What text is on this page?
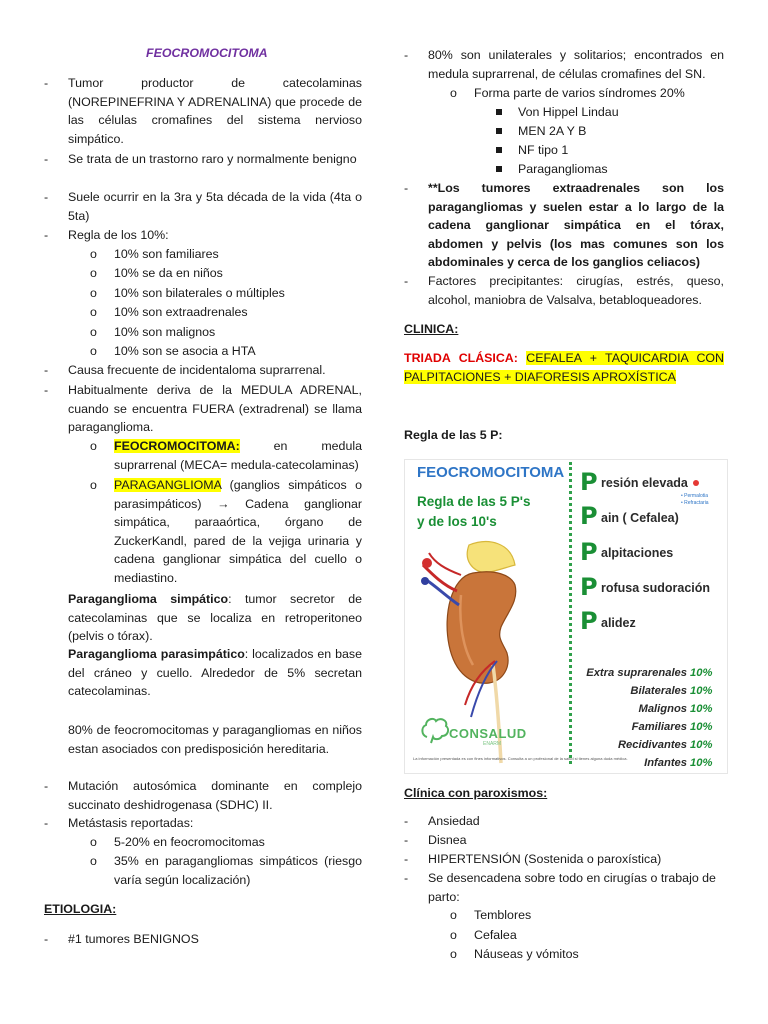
FEOCROMOCITOMA
- Tumor productor de catecolaminas (NOREPINEFRINA Y ADRENALINA) que procede de las células cromafines del sistema nervioso simpático.
- Se trata de un trastorno raro y normalmente benigno
- Suele ocurrir en la 3ra y 5ta década de la vida (4ta o 5ta)
- Regla de los 10%:
o 10% son familiares
o 10% se da en niños
o 10% son bilaterales o múltiples
o 10% son extraadrenales
o 10% son malignos
o 10% son se asocia a HTA
- Causa frecuente de incidentaloma suprarrenal.
- Habitualmente deriva de la MEDULA ADRENAL, cuando se encuentra FUERA (extradrenal) se llama paraganglioma.
o FEOCROMOCITOMA:	en medula suprarrenal (MECA= medula-catecolaminas)
o PARAGANGLIOMA (ganglios simpáticos o parasimpáticos) → Cadena ganglionar simpática, paraaórtica, órgano de ZuckerKandl, pared de la vejiga urinaria y cadena ganglionar simpática del cuello o mediastino.
Paraganglioma simpático: tumor secretor de catecolaminas que se localiza en retroperitoneo (pelvis o tórax).
Paraganglioma parasimpático: localizados en base del cráneo y cuello. Alrededor de 5% secretan catecolaminas.
80% de feocromocitomas y paragangliomas en niños estan asociados con predisposición hereditaria.
- Mutación autosómica dominante en complejo succinato deshidrogenasa (SDHC) II.
- Metástasis reportadas:
o 5-20% en feocromocitomas
o 35% en paragangliomas simpáticos (riesgo varía según localización)
ETIOLOGIA:
- #1 tumores BENIGNOS
- 80% son unilaterales y solitarios; encontrados en medula suprarrenal, de células cromafines del SN.
o Forma parte de varios síndromes 20%
Von Hippel Lindau
MEN 2A Y B
NF tipo 1
Paragangliomas
- **Los tumores extraadrenales son los paragangliomas y suelen estar a lo largo de la cadena ganglionar simpática en el tórax, abdomen y pelvis (los mas comunes son los abdominales y cerca de los ganglios celiacos)
- Factores precipitantes: cirugías, estrés, queso, alcohol, maniobra de Valsalva, betabloqueadores.
CLINICA:
TRIADA CLÁSICA: CEFALEA + TAQUICARDIA CON
PALPITACIONES + DIAFORESIS APROXÍSTICA
Regla de las 5 P:
Clínica con paroxismos:
- Ansiedad
- Disnea
- HIPERTENSIÓN (Sostenida o paroxística)
- Se desencadena sobre todo en cirugías o trabajo de parto:
o Temblores
o Cefalea
o Náuseas y vómitos
FEOCROMOCITOMA
Regla de las 5 P's
y de los 10's
P resión elevada
• Permalotia
• Refractaria
P ain ( Cefalea)
P alpitaciones
P rofusa sudoración
P alidez
Extra suprarenales 10%
Bilaterales 10%
Malignos 10%
Familiares 10%
Recidivantes 10%
Infantes 10%
CONSALUD
ENARM
La información presentada es con fines informativos. Consulta a un profesional de la salud si tienes alguna duda médica.
